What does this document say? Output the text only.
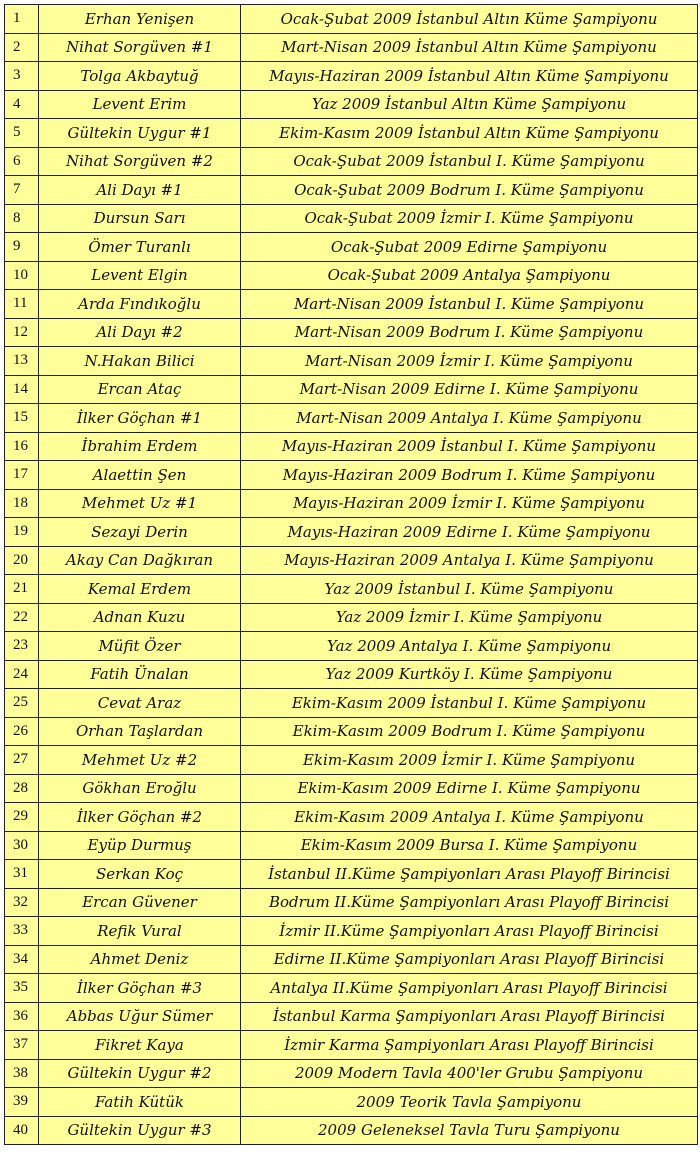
1	Erhan Yenişen	Ocak-Şubat 2009 İstanbul Altın Küme Şampiyonu
2	Nihat Sorgüven #1	Mart-Nisan 2009 İstanbul Altın Küme Şampiyonu
3	Tolga Akbaytuğ	Mayıs-Haziran 2009 İstanbul Altın Küme Şampiyonu
4	Levent Erim	Yaz 2009 İstanbul Altın Küme Şampiyonu
5	Gültekin Uygur #1	Ekim-Kasım 2009 İstanbul Altın Küme Şampiyonu
6	Nihat Sorgüven #2	Ocak-Şubat 2009 İstanbul I. Küme Şampiyonu
7	Ali Dayı #1	Ocak-Şubat 2009 Bodrum I. Küme Şampiyonu
8	Dursun Sarı	Ocak-Şubat 2009 İzmir I. Küme Şampiyonu
9	Ömer Turanlı	Ocak-Şubat 2009 Edirne Şampiyonu
10	Levent Elgin	Ocak-Şubat 2009 Antalya Şampiyonu
11	Arda Fındıkoğlu	Mart-Nisan 2009 İstanbul I. Küme Şampiyonu
12	Ali Dayı #2	Mart-Nisan 2009 Bodrum I. Küme Şampiyonu
13	N.Hakan Bilici	Mart-Nisan 2009 İzmir I. Küme Şampiyonu
14	Ercan Ataç	Mart-Nisan 2009 Edirne I. Küme Şampiyonu
15	İlker Göçhan #1	Mart-Nisan 2009 Antalya I. Küme Şampiyonu
16	İbrahim Erdem	Mayıs-Haziran 2009 İstanbul I. Küme Şampiyonu
17	Alaettin Şen	Mayıs-Haziran 2009 Bodrum I. Küme Şampiyonu
18	Mehmet Uz #1	Mayıs-Haziran 2009 İzmir I. Küme Şampiyonu
19	Sezayi Derin	Mayıs-Haziran 2009 Edirne I. Küme Şampiyonu
20	Akay Can Dağkıran	Mayıs-Haziran 2009 Antalya I. Küme Şampiyonu
21	Kemal Erdem	Yaz 2009 İstanbul I. Küme Şampiyonu
22	Adnan Kuzu	Yaz 2009 İzmir I. Küme Şampiyonu
23	Müfit Özer	Yaz 2009 Antalya I. Küme Şampiyonu
24	Fatih Ünalan	Yaz 2009 Kurtköy I. Küme Şampiyonu
25	Cevat Araz	Ekim-Kasım 2009 İstanbul I. Küme Şampiyonu
26	Orhan Taşlardan	Ekim-Kasım 2009 Bodrum I. Küme Şampiyonu
27	Mehmet Uz #2	Ekim-Kasım 2009 İzmir I. Küme Şampiyonu
28	Gökhan Eroğlu	Ekim-Kasım 2009 Edirne I. Küme Şampiyonu
29	İlker Göçhan #2	Ekim-Kasım 2009 Antalya I. Küme Şampiyonu
30	Eyüp Durmuş	Ekim-Kasım 2009 Bursa I. Küme Şampiyonu
31	Serkan Koç	İstanbul II.Küme Şampiyonları Arası Playoff Birincisi
32	Ercan Güvener	Bodrum II.Küme Şampiyonları Arası Playoff Birincisi
33	Refik Vural	İzmir II.Küme Şampiyonları Arası Playoff Birincisi
34	Ahmet Deniz	Edirne II.Küme Şampiyonları Arası Playoff Birincisi
35	İlker Göçhan #3	Antalya II.Küme Şampiyonları Arası Playoff Birincisi
36	Abbas Uğur Sümer	İstanbul Karma Şampiyonları Arası Playoff Birincisi
37	Fikret Kaya	İzmir Karma Şampiyonları Arası Playoff Birincisi
38	Gültekin Uygur #2	2009 Modern Tavla 400'ler Grubu Şampiyonu
39	Fatih Kütük	2009 Teorik Tavla Şampiyonu
40	Gültekin Uygur #3	2009 Geleneksel Tavla Turu Şampiyonu
